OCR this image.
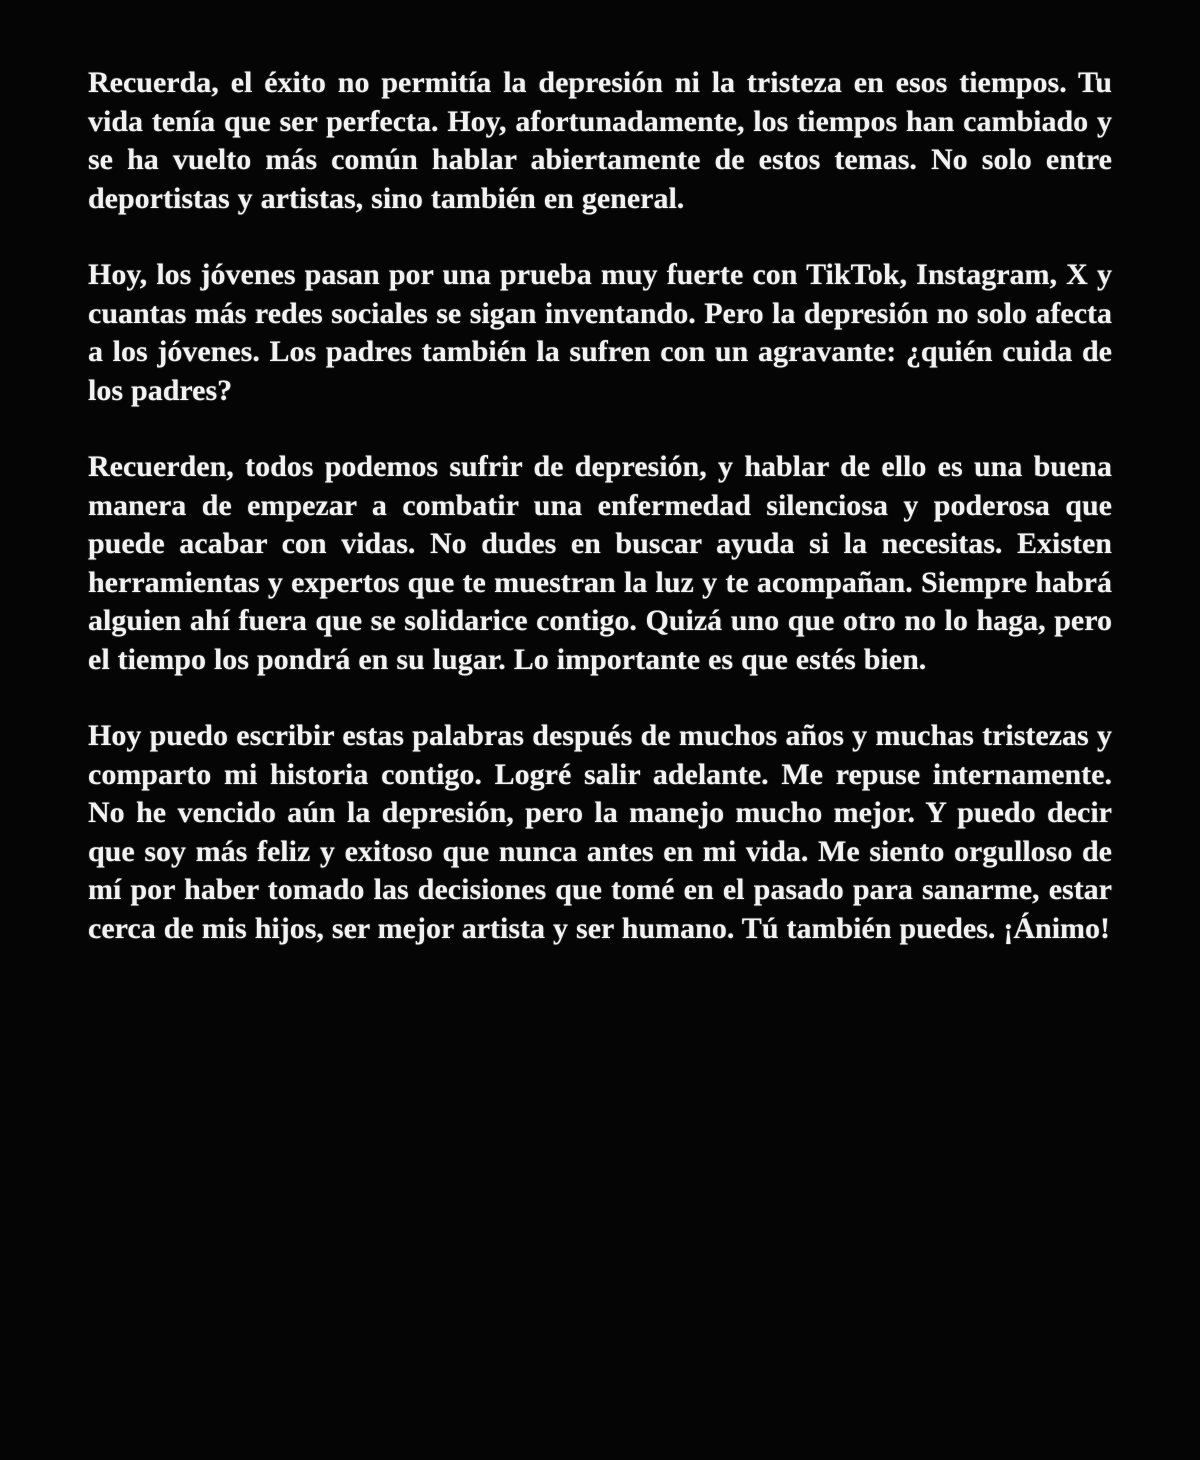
Recuerda, el éxito no permitía la depresión ni la tristeza en esos tiempos. Tu vida tenía que ser perfecta. Hoy, afortunadamente, los tiempos han cambiado y se ha vuelto más común hablar abiertamente de estos temas. No solo entre deportistas y artistas, sino también en general.

Hoy, los jóvenes pasan por una prueba muy fuerte con TikTok, Instagram, X y cuantas más redes sociales se sigan inventando. Pero la depresión no solo afecta a los jóvenes. Los padres también la sufren con un agravante: ¿quién cuida de los padres?

Recuerden, todos podemos sufrir de depresión, y hablar de ello es una buena manera de empezar a combatir una enfermedad silenciosa y poderosa que puede acabar con vidas. No dudes en buscar ayuda si la necesitas. Existen herramientas y expertos que te muestran la luz y te acompañan. Siempre habrá alguien ahí fuera que se solidarice contigo. Quizá uno que otro no lo haga, pero el tiempo los pondrá en su lugar. Lo importante es que estés bien.

Hoy puedo escribir estas palabras después de muchos años y muchas tristezas y comparto mi historia contigo. Logré salir adelante. Me repuse internamente. No he vencido aún la depresión, pero la manejo mucho mejor. Y puedo decir que soy más feliz y exitoso que nunca antes en mi vida. Me siento orgulloso de mí por haber tomado las decisiones que tomé en el pasado para sanarme, estar cerca de mis hijos, ser mejor artista y ser humano. Tú también puedes. ¡Ánimo!
